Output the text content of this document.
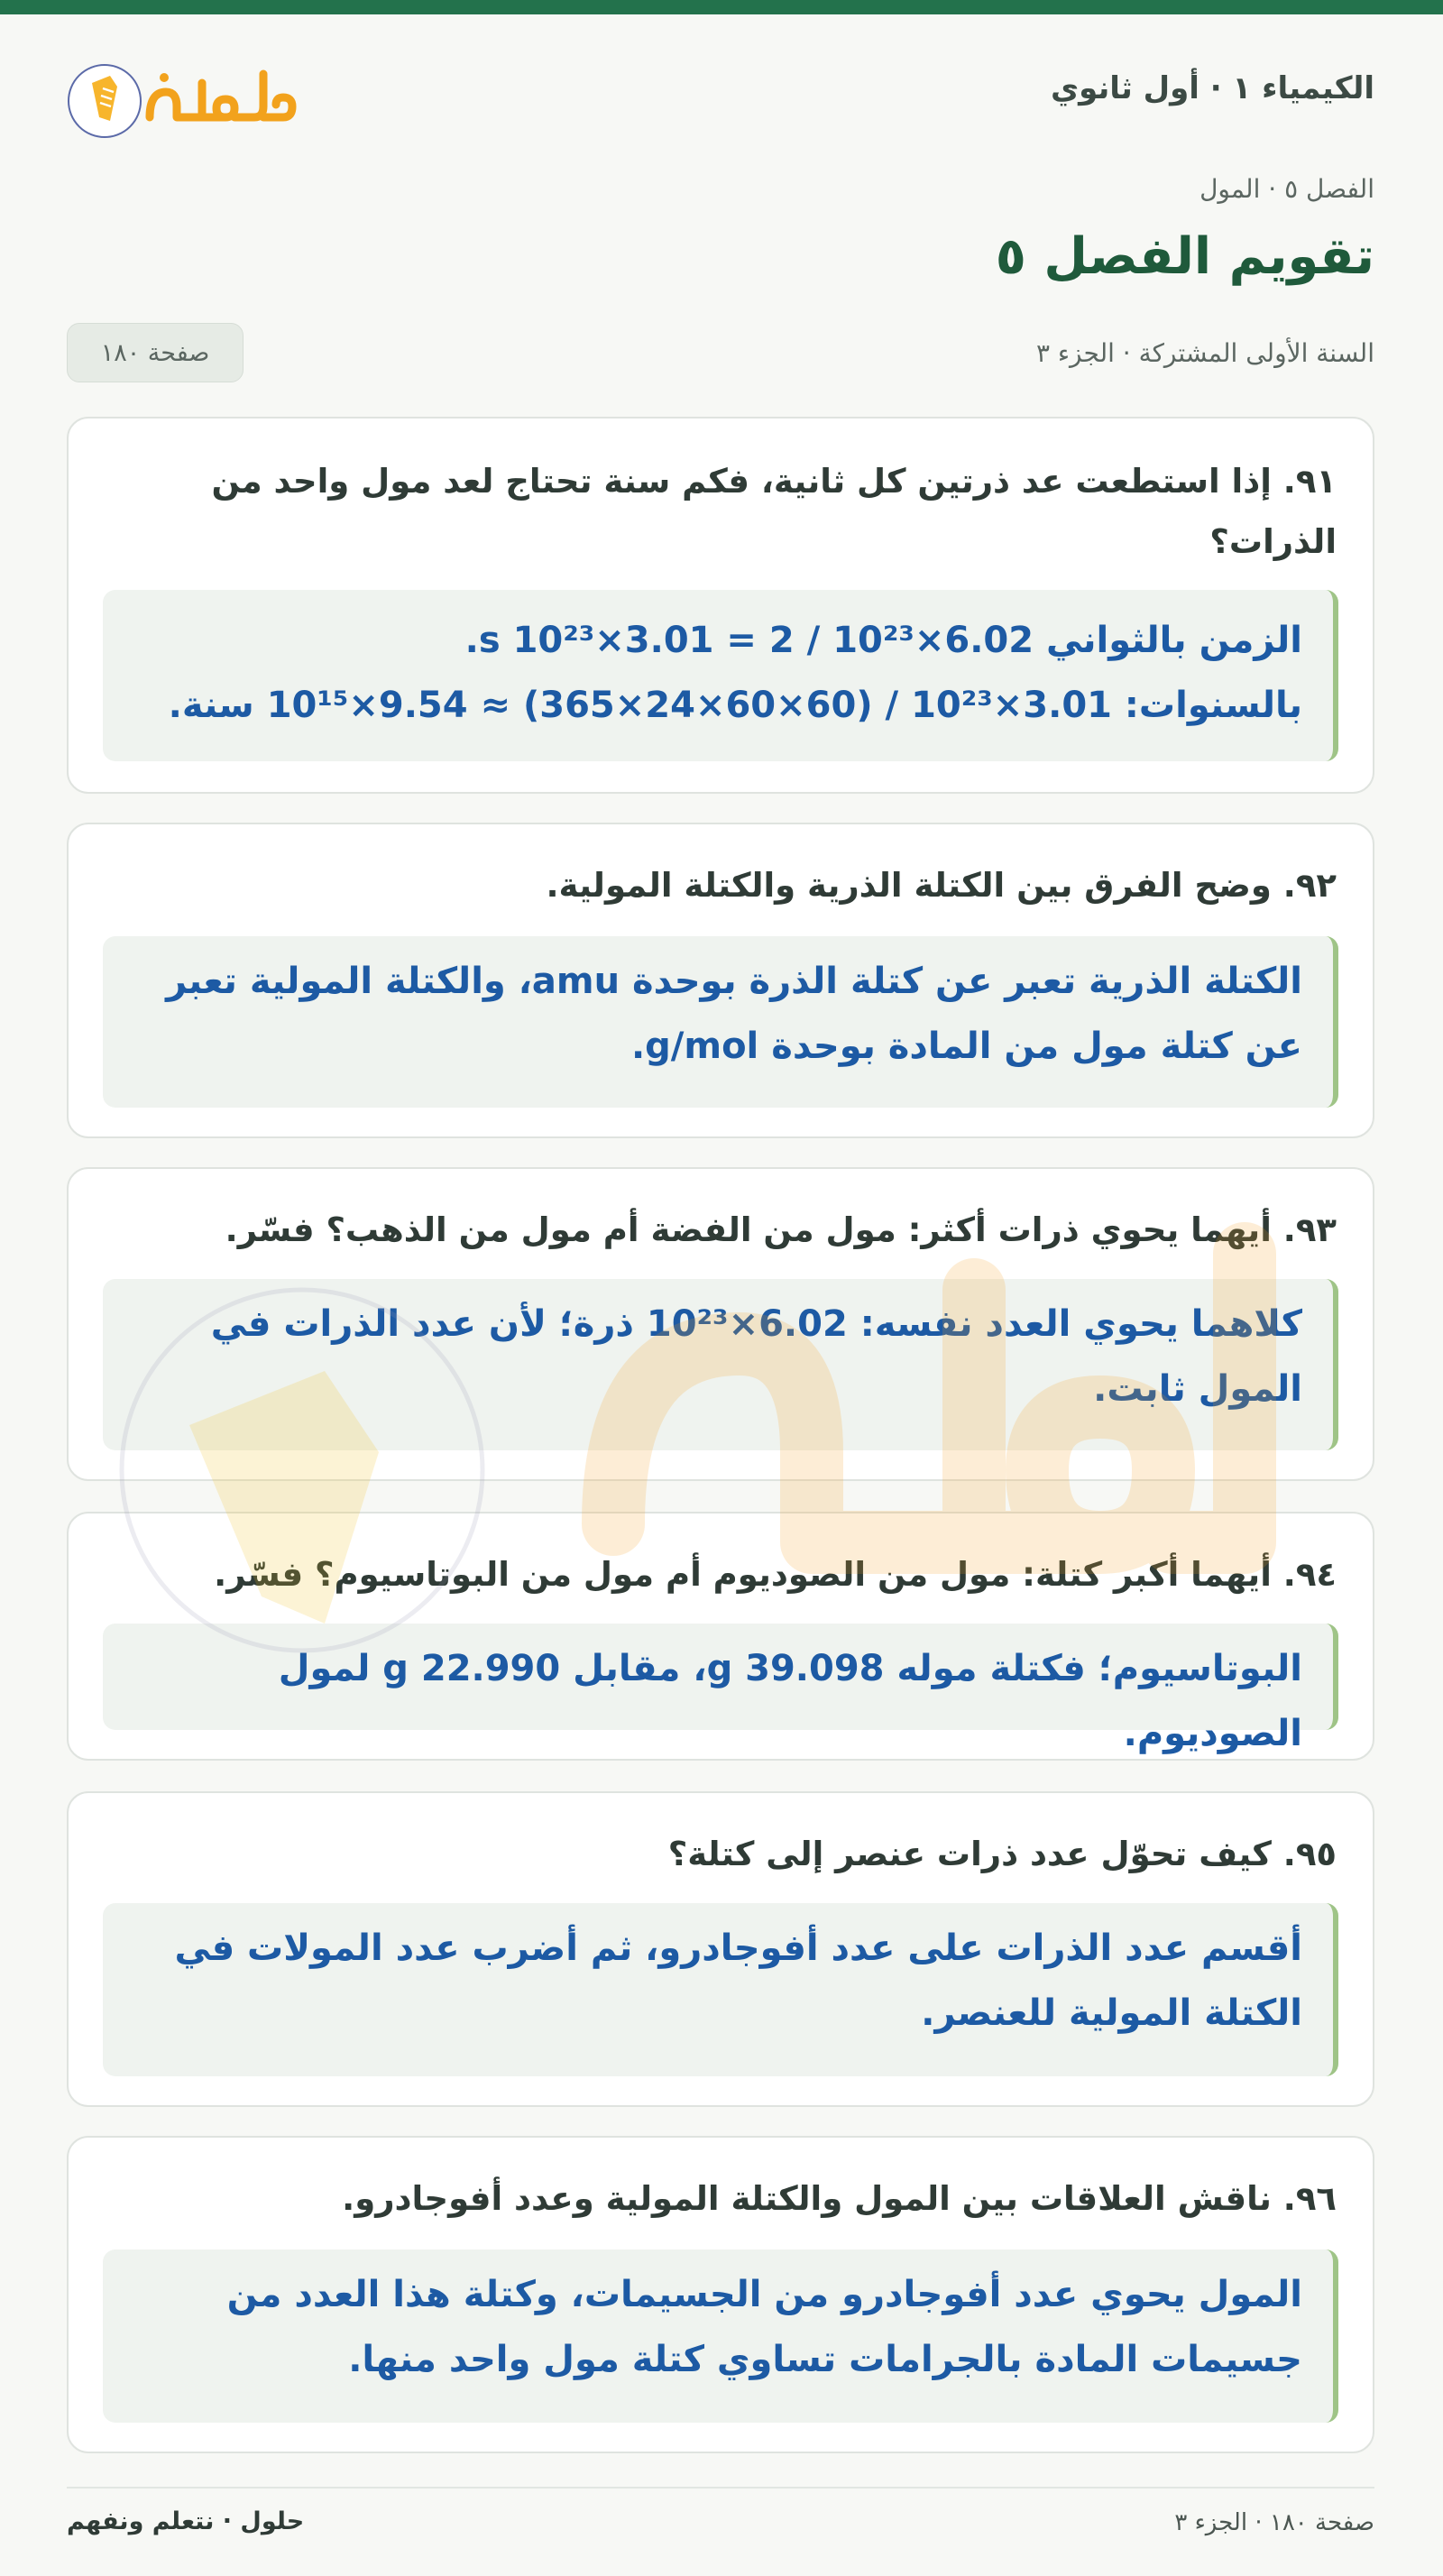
الكيمياء ١ · أول ثانوي
الفصل ٥ · المول
تقويم الفصل ٥
السنة الأولى المشتركة · الجزء ٣
صفحة ١٨٠
٩١. إذا استطعت عد ذرتين كل ثانية، فكم سنة تحتاج لعد مول واحد من الذرات؟
الزمن بالثواني 6.02×10²³ / 2 = 3.01×10²³ s.
بالسنوات: 3.01×10²³ / (60×60×24×365) ≈ 9.54×10¹⁵ سنة.
٩٢. وضح الفرق بين الكتلة الذرية والكتلة المولية.
الكتلة الذرية تعبر عن كتلة الذرة بوحدة amu، والكتلة المولية تعبر عن كتلة مول من المادة بوحدة g/mol.
٩٣. أيهما يحوي ذرات أكثر: مول من الفضة أم مول من الذهب؟ فسّر.
كلاهما يحوي العدد نفسه: 6.02×10²³ ذرة؛ لأن عدد الذرات في المول ثابت.
٩٤. أيهما أكبر كتلة: مول من الصوديوم أم مول من البوتاسيوم؟ فسّر.
البوتاسيوم؛ فكتلة موله 39.098 g، مقابل 22.990 g لمول الصوديوم.
٩٥. كيف تحوّل عدد ذرات عنصر إلى كتلة؟
أقسم عدد الذرات على عدد أفوجادرو، ثم أضرب عدد المولات في الكتلة المولية للعنصر.
٩٦. ناقش العلاقات بين المول والكتلة المولية وعدد أفوجادرو.
المول يحوي عدد أفوجادرو من الجسيمات، وكتلة هذا العدد من جسيمات المادة بالجرامات تساوي كتلة مول واحد منها.
صفحة ١٨٠ · الجزء ٣
حلول · نتعلم ونفهم
